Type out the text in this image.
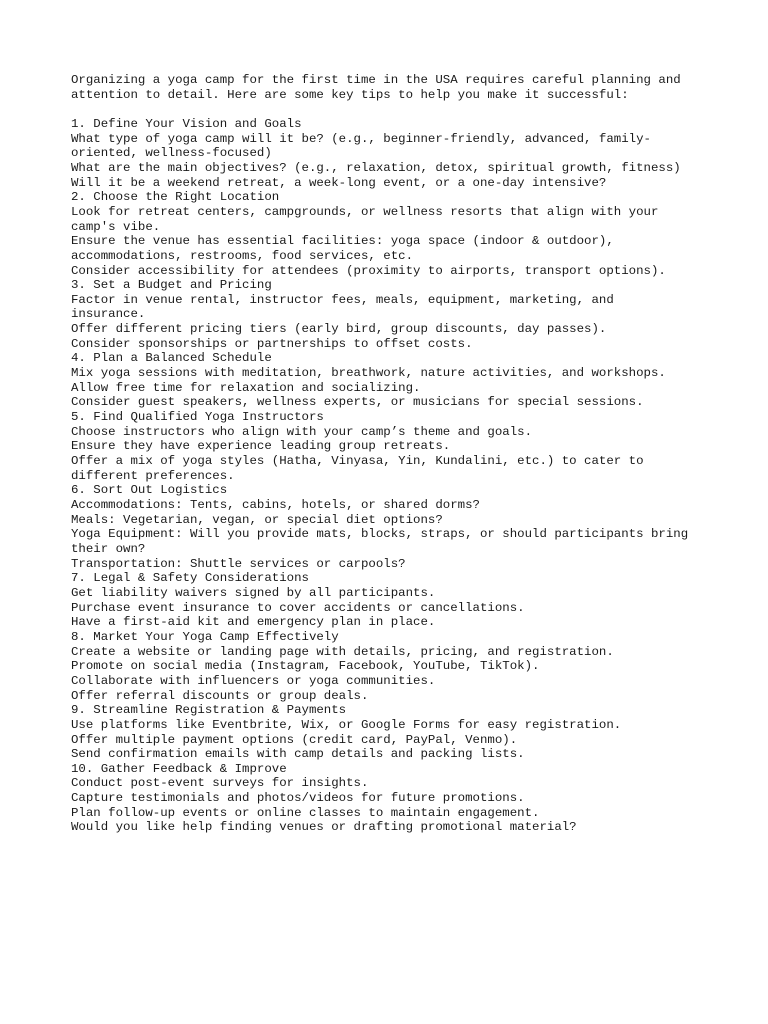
Organizing a yoga camp for the first time in the USA requires careful planning and
attention to detail. Here are some key tips to help you make it successful:
1. Define Your Vision and Goals
What type of yoga camp will it be? (e.g., beginner-friendly, advanced, family-
oriented, wellness-focused)
What are the main objectives? (e.g., relaxation, detox, spiritual growth, fitness)
Will it be a weekend retreat, a week-long event, or a one-day intensive?
2. Choose the Right Location
Look for retreat centers, campgrounds, or wellness resorts that align with your
camp's vibe.
Ensure the venue has essential facilities: yoga space (indoor & outdoor),
accommodations, restrooms, food services, etc.
Consider accessibility for attendees (proximity to airports, transport options).
3. Set a Budget and Pricing
Factor in venue rental, instructor fees, meals, equipment, marketing, and
insurance.
Offer different pricing tiers (early bird, group discounts, day passes).
Consider sponsorships or partnerships to offset costs.
4. Plan a Balanced Schedule
Mix yoga sessions with meditation, breathwork, nature activities, and workshops.
Allow free time for relaxation and socializing.
Consider guest speakers, wellness experts, or musicians for special sessions.
5. Find Qualified Yoga Instructors
Choose instructors who align with your camp’s theme and goals.
Ensure they have experience leading group retreats.
Offer a mix of yoga styles (Hatha, Vinyasa, Yin, Kundalini, etc.) to cater to
different preferences.
6. Sort Out Logistics
Accommodations: Tents, cabins, hotels, or shared dorms?
Meals: Vegetarian, vegan, or special diet options?
Yoga Equipment: Will you provide mats, blocks, straps, or should participants bring
their own?
Transportation: Shuttle services or carpools?
7. Legal & Safety Considerations
Get liability waivers signed by all participants.
Purchase event insurance to cover accidents or cancellations.
Have a first-aid kit and emergency plan in place.
8. Market Your Yoga Camp Effectively
Create a website or landing page with details, pricing, and registration.
Promote on social media (Instagram, Facebook, YouTube, TikTok).
Collaborate with influencers or yoga communities.
Offer referral discounts or group deals.
9. Streamline Registration & Payments
Use platforms like Eventbrite, Wix, or Google Forms for easy registration.
Offer multiple payment options (credit card, PayPal, Venmo).
Send confirmation emails with camp details and packing lists.
10. Gather Feedback & Improve
Conduct post-event surveys for insights.
Capture testimonials and photos/videos for future promotions.
Plan follow-up events or online classes to maintain engagement.
Would you like help finding venues or drafting promotional material?
